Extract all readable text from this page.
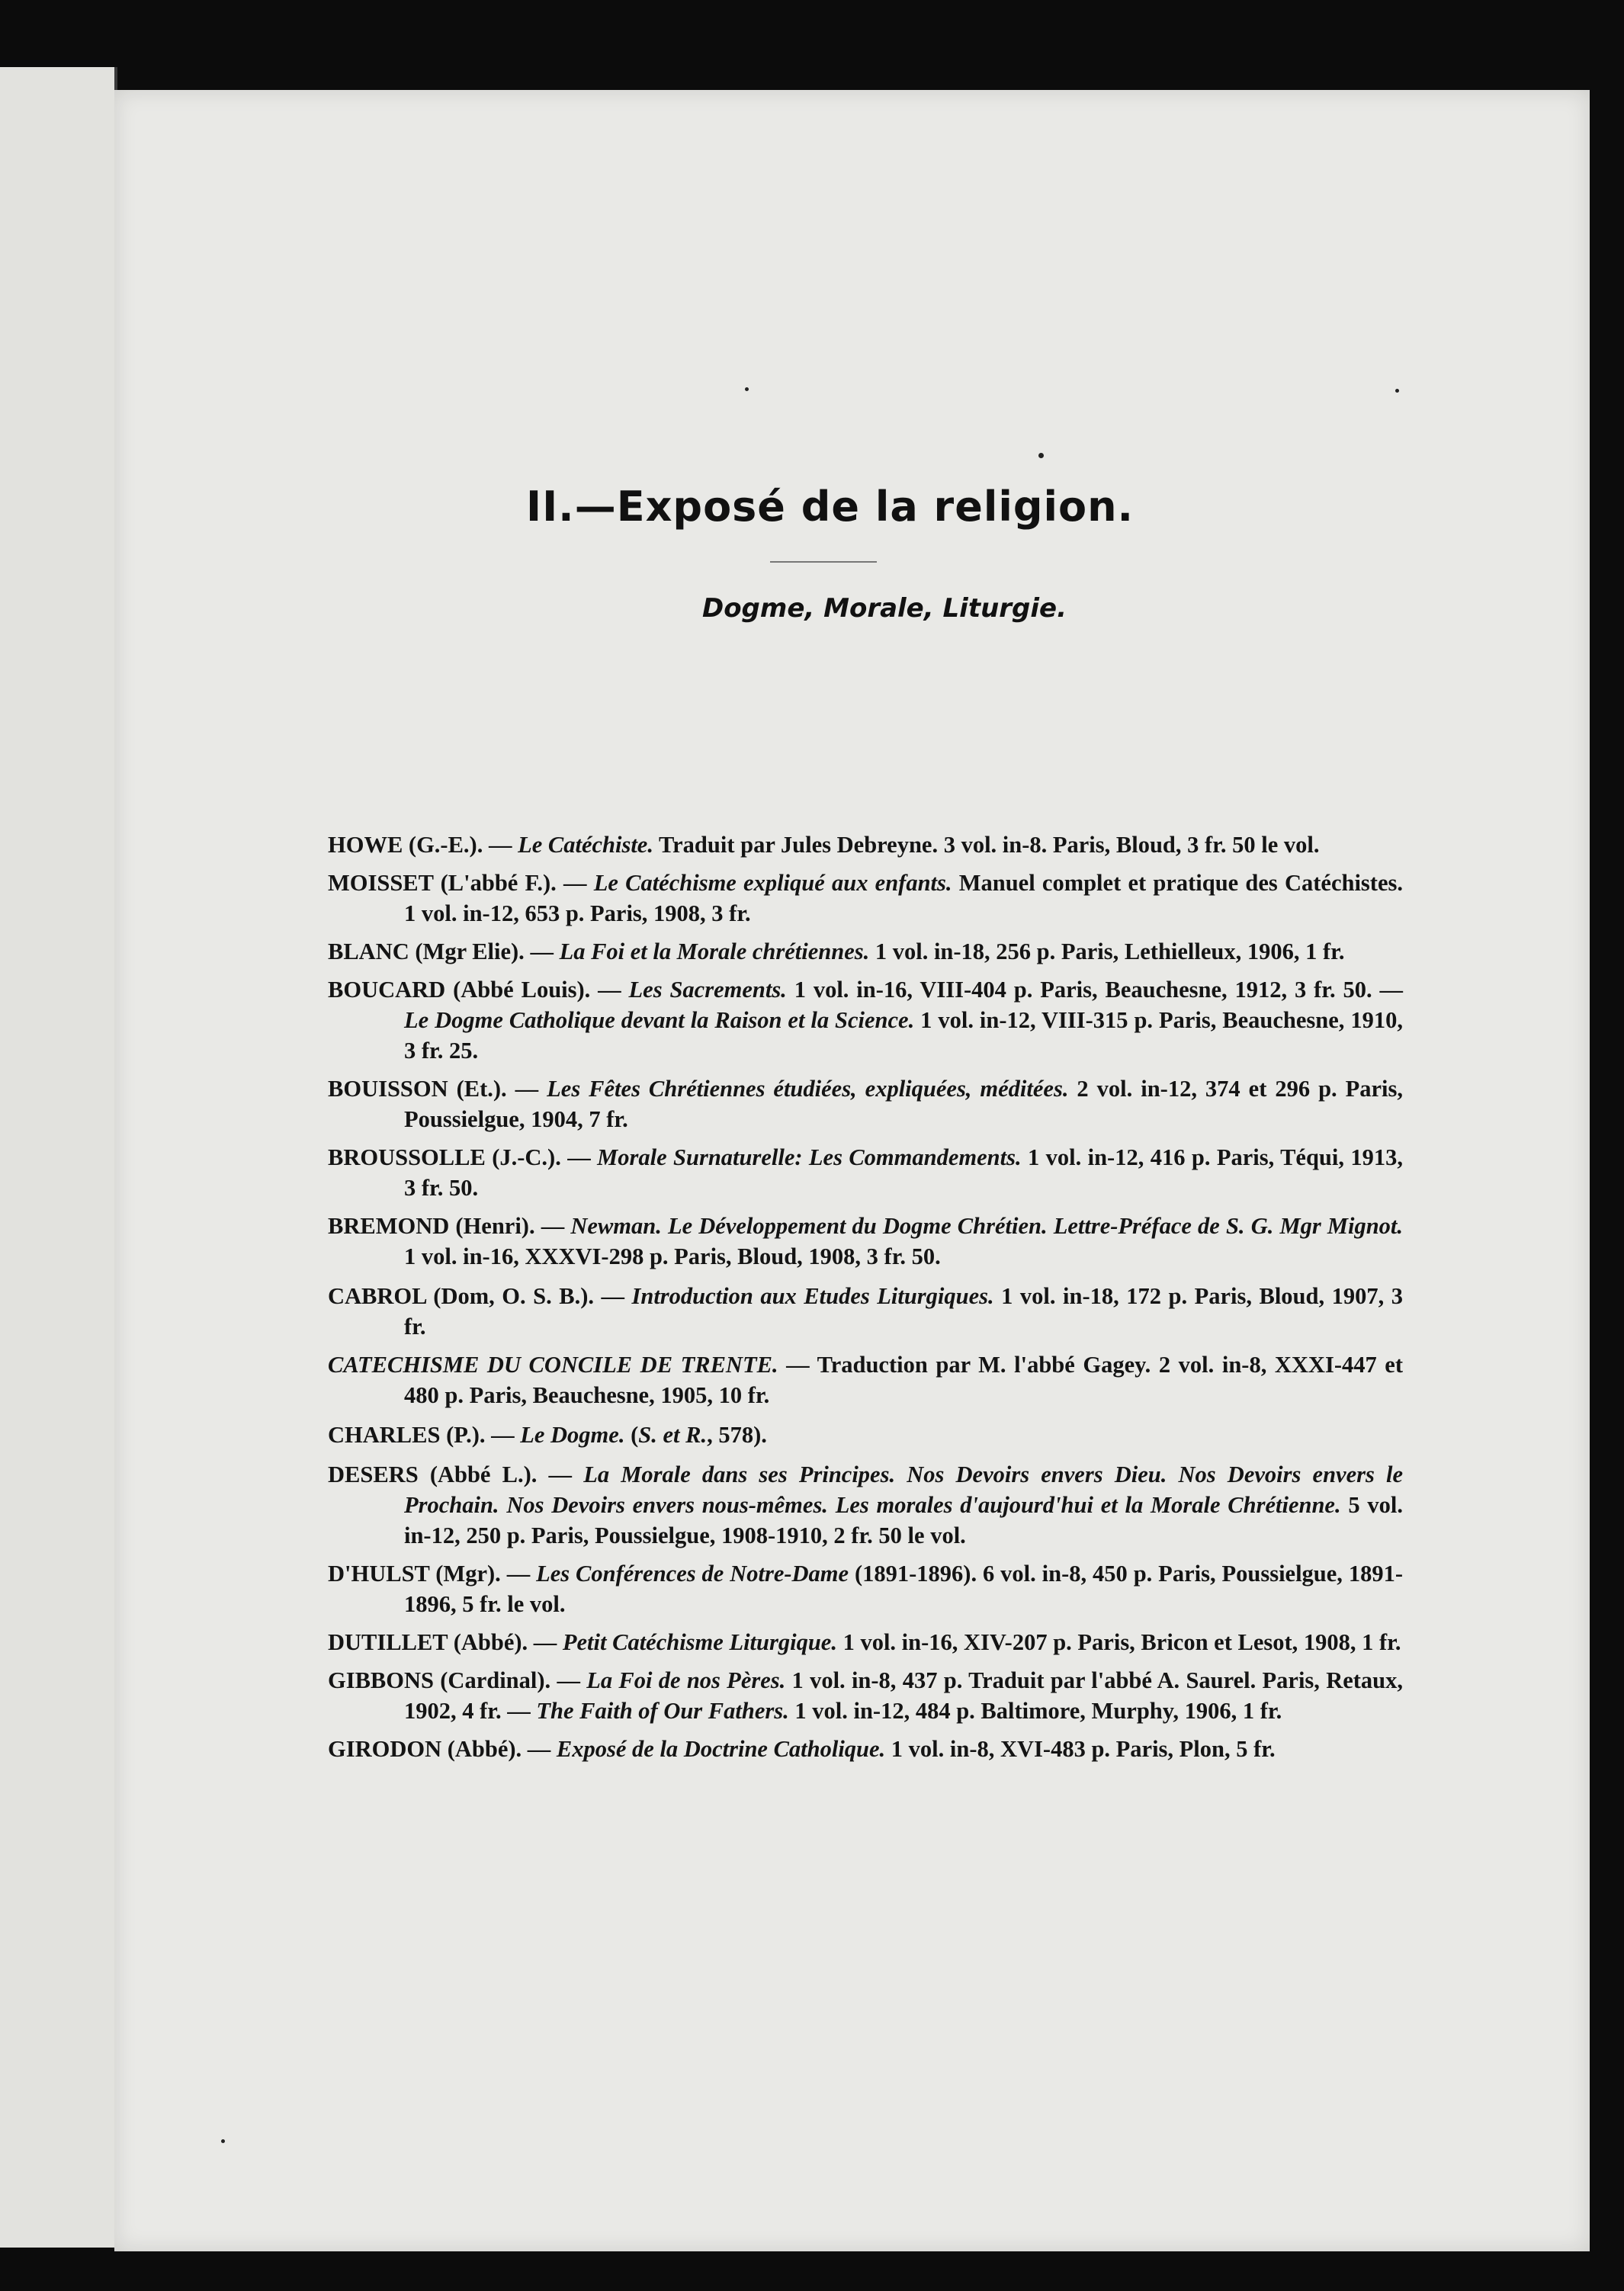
II.—Exposé de la religion.
Dogme, Morale, Liturgie.

HOWE (G.-E.). — Le Catéchiste. Traduit par Jules Debreyne. 3 vol. in-8. Paris, Bloud, 3 fr. 50 le vol.

MOISSET (L'abbé F.). — Le Catéchisme expliqué aux enfants. Manuel complet et pratique des Catéchistes. 1 vol. in-12, 653 p. Paris, 1908, 3 fr.

BLANC (Mgr Elie). — La Foi et la Morale chrétiennes. 1 vol. in-18, 256 p. Paris, Lethielleux, 1906, 1 fr.

BOUCARD (Abbé Louis). — Les Sacrements. 1 vol. in-16, VIII-404 p. Paris, Beauchesne, 1912, 3 fr. 50. — Le Dogme Catholique devant la Raison et la Science. 1 vol. in-12, VIII-315 p. Paris, Beauchesne, 1910, 3 fr. 25.

BOUISSON (Et.). — Les Fêtes Chrétiennes étudiées, expliquées, méditées. 2 vol. in-12, 374 et 296 p. Paris, Poussielgue, 1904, 7 fr.

BROUSSOLLE (J.-C.). — Morale Surnaturelle: Les Commandements. 1 vol. in-12, 416 p. Paris, Téqui, 1913, 3 fr. 50.

BREMOND (Henri). — Newman. Le Développement du Dogme Chrétien. Lettre-Préface de S. G. Mgr Mignot. 1 vol. in-16, XXXVI-298 p. Paris, Bloud, 1908, 3 fr. 50.

CABROL (Dom, O. S. B.). — Introduction aux Etudes Liturgiques. 1 vol. in-18, 172 p. Paris, Bloud, 1907, 3 fr.

CATECHISME DU CONCILE DE TRENTE. — Traduction par M. l'abbé Gagey. 2 vol. in-8, XXXI-447 et 480 p. Paris, Beauchesne, 1905, 10 fr.

CHARLES (P.). — Le Dogme. (S. et R., 578).

DESERS (Abbé L.). — La Morale dans ses Principes. Nos Devoirs envers Dieu. Nos Devoirs envers le Prochain. Nos Devoirs envers nous-mêmes. Les morales d'aujourd'hui et la Morale Chrétienne. 5 vol. in-12, 250 p. Paris, Poussielgue, 1908-1910, 2 fr. 50 le vol.

D'HULST (Mgr). — Les Conférences de Notre-Dame (1891-1896). 6 vol. in-8, 450 p. Paris, Poussielgue, 1891-1896, 5 fr. le vol.

DUTILLET (Abbé). — Petit Catéchisme Liturgique. 1 vol. in-16, XIV-207 p. Paris, Bricon et Lesot, 1908, 1 fr.

GIBBONS (Cardinal). — La Foi de nos Pères. 1 vol. in-8, 437 p. Traduit par l'abbé A. Saurel. Paris, Retaux, 1902, 4 fr. — The Faith of Our Fathers. 1 vol. in-12, 484 p. Baltimore, Murphy, 1906, 1 fr.

GIRODON (Abbé). — Exposé de la Doctrine Catholique. 1 vol. in-8, XVI-483 p. Paris, Plon, 5 fr.
